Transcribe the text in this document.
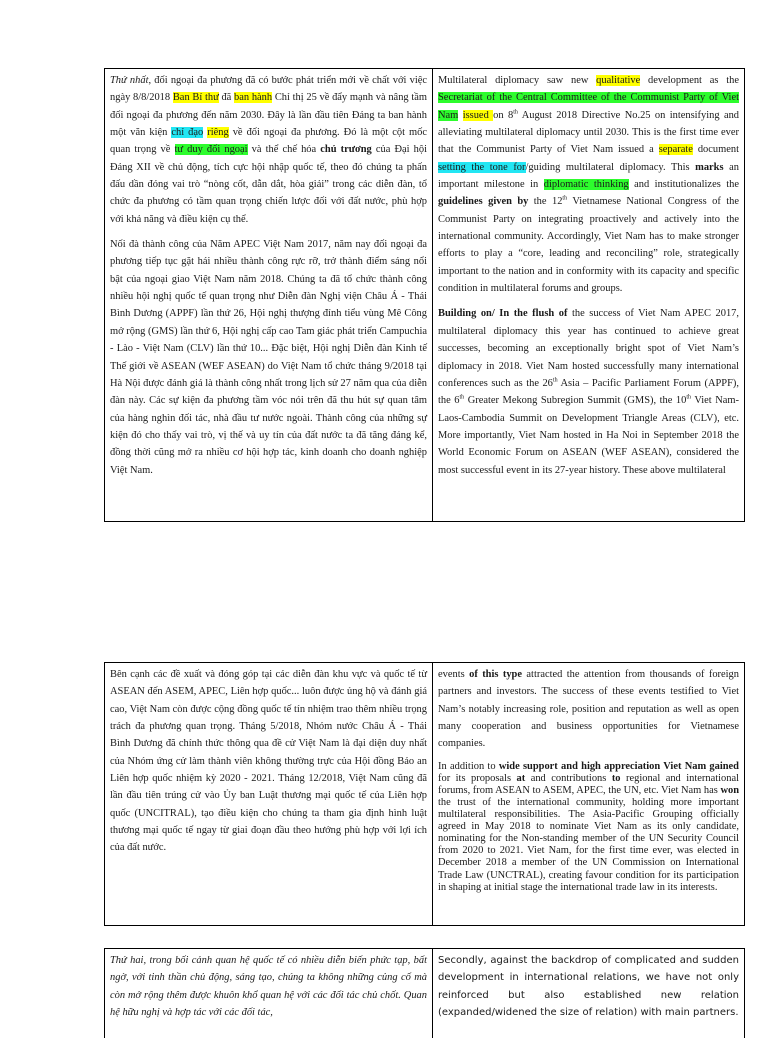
Thứ nhất, đối ngoại đa phương đã có bước phát triển mới về chất với việc ngày 8/8/2018 Ban Bí thư đã ban hành Chỉ thị 25 về đẩy mạnh và nâng tầm đối ngoại đa phương đến năm 2030. Đây là lần đầu tiên Đảng ta ban hành một văn kiện chỉ đạo riêng về đối ngoại đa phương. Đó là một cột mốc quan trọng về tư duy đối ngoại và thể chế hóa chủ trương của Đại hội Đảng XII về chủ động, tích cực hội nhập quốc tế, theo đó chúng ta phấn đấu dần đóng vai trò “nòng cốt, dẫn dắt, hòa giải” trong các diễn đàn, tổ chức đa phương có tầm quan trọng chiến lược đối với đất nước, phù hợp với khả năng và điều kiện cụ thể.

Nối đà thành công của Năm APEC Việt Nam 2017, năm nay đối ngoại đa phương tiếp tục gặt hái nhiều thành công rực rỡ, trở thành điểm sáng nổi bật của ngoại giao Việt Nam năm 2018. Chúng ta đã tổ chức thành công nhiều hội nghị quốc tế quan trọng như Diễn đàn Nghị viện Châu Á - Thái Bình Dương (APPF) lần thứ 26, Hội nghị thượng đỉnh tiểu vùng Mê Công mở rộng (GMS) lần thứ 6, Hội nghị cấp cao Tam giác phát triển Campuchia - Lào - Việt Nam (CLV) lần thứ 10... Đặc biệt, Hội nghị Diễn đàn Kinh tế Thế giới về ASEAN (WEF ASEAN) do Việt Nam tổ chức tháng 9/2018 tại Hà Nội được đánh giá là thành công nhất trong lịch sử 27 năm qua của diễn đàn này. Các sự kiện đa phương tầm vóc nói trên đã thu hút sự quan tâm của hàng nghìn đối tác, nhà đầu tư nước ngoài. Thành công của những sự kiện đó cho thấy vai trò, vị thế và uy tín của đất nước ta đã tăng đáng kể, đồng thời cũng mở ra nhiều cơ hội hợp tác, kinh doanh cho doanh nghiệp Việt Nam.

Multilateral diplomacy saw new qualitative development as the Secretariat of the Central Committee of the Communist Party of Viet Nam issued on 8th August 2018 Directive No.25 on intensifying and alleviating multilateral diplomacy until 2030. This is the first time ever that the Communist Party of Viet Nam issued a separate document setting the tone for/guiding multilateral diplomacy. This marks an important milestone in diplomatic thinking and institutionalizes the guidelines given by the 12th Vietnamese National Congress of the Communist Party on integrating proactively and actively into the international community. Accordingly, Viet Nam has to make stronger efforts to play a “core, leading and reconciling” role, strategically important to the nation and in conformity with its capacity and specific condition in multilateral forums and groups.

Building on/ In the flush of the success of Viet Nam APEC 2017, multilateral diplomacy this year has continued to achieve great successes, becoming an exceptionally bright spot of Viet Nam’s diplomacy in 2018. Viet Nam hosted successfully many international conferences such as the 26th Asia – Pacific Parliament Forum (APPF), the 6th Greater Mekong Subregion Summit (GMS), the 10th Viet Nam-Laos-Cambodia Summit on Development Triangle Areas (CLV), etc. More importantly, Viet Nam hosted in Ha Noi in September 2018 the World Economic Forum on ASEAN (WEF ASEAN), considered the most successful event in its 27-year history. These above multilateral

Bên cạnh các đề xuất và đóng góp tại các diễn đàn khu vực và quốc tế từ ASEAN đến ASEM, APEC, Liên hợp quốc... luôn được ủng hộ và đánh giá cao, Việt Nam còn được cộng đồng quốc tế tín nhiệm trao thêm nhiều trọng trách đa phương quan trọng. Tháng 5/2018, Nhóm nước Châu Á - Thái Bình Dương đã chính thức thông qua đề cử Việt Nam là đại diện duy nhất của Nhóm ứng cử làm thành viên không thường trực của Hội đồng Bảo an Liên hợp quốc nhiệm kỳ 2020 - 2021. Tháng 12/2018, Việt Nam cũng đã lần đầu tiên trúng cử vào Ủy ban Luật thương mại quốc tế của Liên hợp quốc (UNCITRAL), tạo điều kiện cho chúng ta tham gia định hình luật thương mại quốc tế ngay từ giai đoạn đầu theo hướng phù hợp với lợi ích của đất nước.

events of this type attracted the attention from thousands of foreign partners and investors. The success of these events testified to Viet Nam’s notably increasing role, position and reputation as well as open many cooperation and business opportunities for Vietnamese companies.

In addition to wide support and high appreciation Viet Nam gained for its proposals at and contributions to regional and international forums, from ASEAN to ASEM, APEC, the UN, etc. Viet Nam has won the trust of the international community, holding more important multilateral responsibilities. The Asia-Pacific Grouping officially agreed in May 2018 to nominate Viet Nam as its only candidate, nominating for the Non-standing member of the UN Security Council from 2020 to 2021. Viet Nam, for the first time ever, was elected in December 2018 a member of the UN Commission on International Trade Law (UNCTRAL), creating favour condition for its participation in shaping at initial stage the international trade law in its interests.

Thứ hai, trong bối cảnh quan hệ quốc tế có nhiều diễn biến phức tạp, bất ngờ, với tinh thần chủ động, sáng tạo, chúng ta không những củng cố mà còn mở rộng thêm được khuôn khổ quan hệ với các đối tác chủ chốt. Quan hệ hữu nghị và hợp tác với các đối tác,

Secondly, against the backdrop of complicated and sudden development in international relations, we have not only reinforced but also established new relation (expanded/widened the size of relation) with main partners.
